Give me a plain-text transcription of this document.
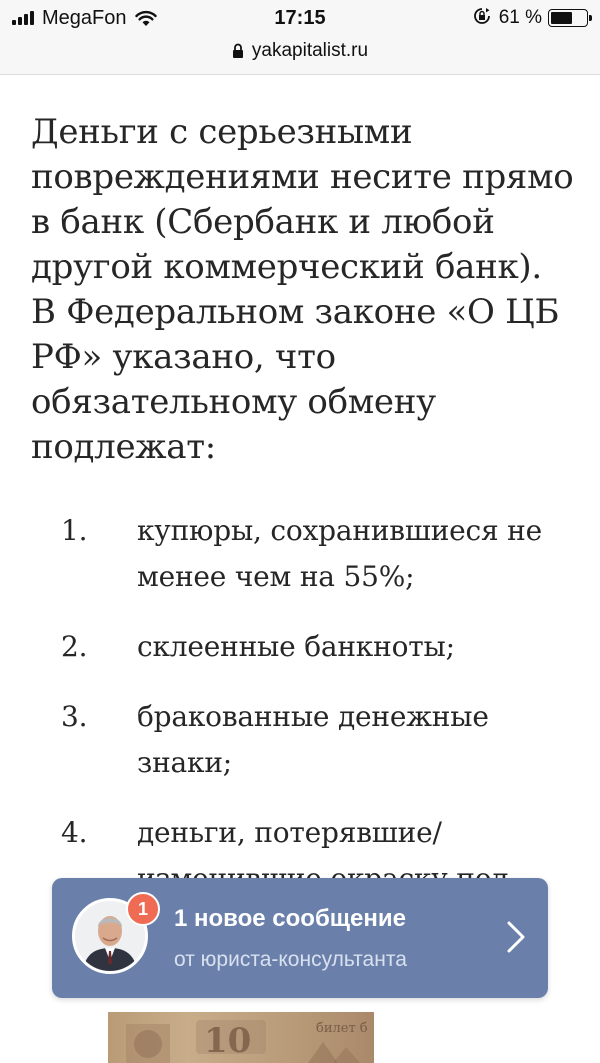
MegaFon	17:15	61 %
yakapitalist.ru

Деньги с серьезными повреждениями несите прямо в банк (Сбербанк и любой другой коммерческий банк). В Федеральном законе «О ЦБ РФ» указано, что обязательному обмену подлежат:

1.	купюры, сохранившиеся не менее чем на 55%;
2.	склеенные банкноты;
3.	бракованные денежные знаки;
4.	деньги, потерявшие/
1	1 новое сообщение
от юриста-консультанта
10	билет б
